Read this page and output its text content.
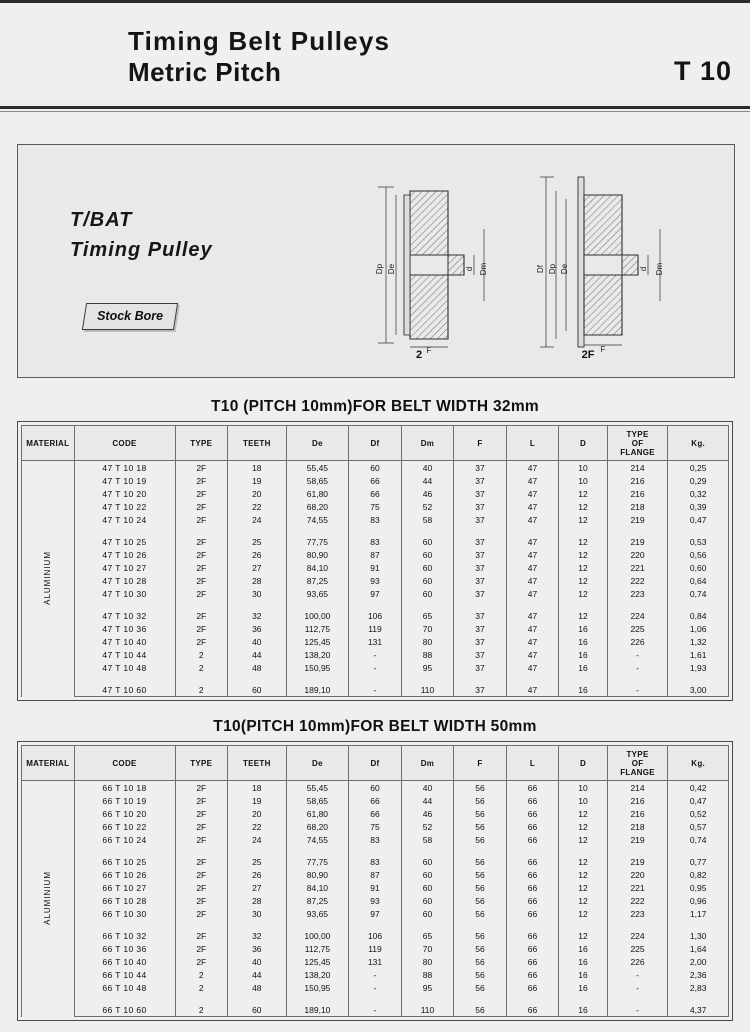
Timing Belt Pulleys
Metric Pitch	T 10
T/BAT
Timing Pulley
Stock Bore
Dp De	d Dm
F
2
Df Dp De	d Dm
F
2F
T10 (PITCH 10mm)FOR BELT WIDTH 32mm
MATERIAL	CODE	TYPE	TEETH	De	Df	Dm	F	L	D	TYPE
OF
FLANGE	Kg.
ALUMINIUM	47 T 10 18	2F	18	55,45	60	40	37	47	10	214	0,25
	47 T 10 19	2F	19	58,65	66	44	37	47	10	216	0,29
	47 T 10 20	2F	20	61,80	66	46	37	47	12	216	0,32
	47 T 10 22	2F	22	68,20	75	52	37	47	12	218	0,39
	47 T 10 24	2F	24	74,55	83	58	37	47	12	219	0,47

	47 T 10 25	2F	25	77,75	83	60	37	47	12	219	0,53
	47 T 10 26	2F	26	80,90	87	60	37	47	12	220	0,56
	47 T 10 27	2F	27	84,10	91	60	37	47	12	221	0,60
	47 T 10 28	2F	28	87,25	93	60	37	47	12	222	0,64
	47 T 10 30	2F	30	93,65	97	60	37	47	12	223	0,74

	47 T 10 32	2F	32	100,00	106	65	37	47	12	224	0,84
	47 T 10 36	2F	36	112,75	119	70	37	47	16	225	1,06
	47 T 10 40	2F	40	125,45	131	80	37	47	16	226	1,32
	47 T 10 44	2	44	138,20	-	88	37	47	16	-	1,61
	47 T 10 48	2	48	150,95	-	95	37	47	16	-	1,93

	47 T 10 60	2	60	189,10	-	110	37	47	16	-	3,00
T10(PITCH 10mm)FOR BELT WIDTH 50mm
MATERIAL	CODE	TYPE	TEETH	De	Df	Dm	F	L	D	TYPE
OF
FLANGE	Kg.
ALUMINIUM	66 T 10 18	2F	18	55,45	60	40	56	66	10	214	0,42
	66 T 10 19	2F	19	58,65	66	44	56	66	10	216	0,47
	66 T 10 20	2F	20	61,80	66	46	56	66	12	216	0,52
	66 T 10 22	2F	22	68,20	75	52	56	66	12	218	0,57
	66 T 10 24	2F	24	74,55	83	58	56	66	12	219	0,74

	66 T 10 25	2F	25	77,75	83	60	56	66	12	219	0,77
	66 T 10 26	2F	26	80,90	87	60	56	66	12	220	0,82
	66 T 10 27	2F	27	84,10	91	60	56	66	12	221	0,95
	66 T 10 28	2F	28	87,25	93	60	56	66	12	222	0,96
	66 T 10 30	2F	30	93,65	97	60	56	66	12	223	1,17

	66 T 10 32	2F	32	100,00	106	65	56	66	12	224	1,30
	66 T 10 36	2F	36	112,75	119	70	56	66	16	225	1,64
	66 T 10 40	2F	40	125,45	131	80	56	66	16	226	2,00
	66 T 10 44	2	44	138,20	-	88	56	66	16	-	2,36
	66 T 10 48	2	48	150,95	-	95	56	66	16	-	2,83

	66 T 10 60	2	60	189,10	-	110	56	66	16	-	4,37
